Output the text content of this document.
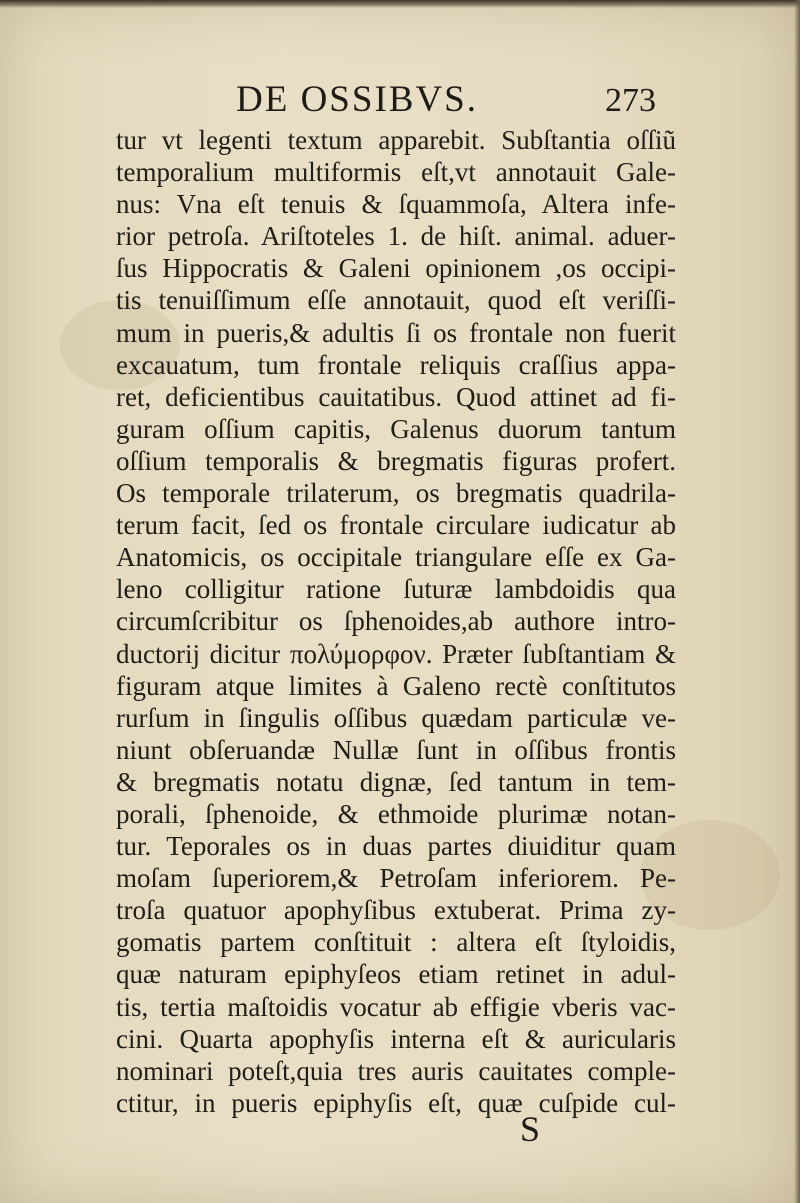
DE OSSIBVS.	273
tur vt legenti textum apparebit. Subſtantia oſſiũ
temporalium multiformis eſt,vt annotauit Gale-
nus: Vna eſt tenuis & ſquammoſa, Altera infe-
rior petroſa. Ariſtoteles 1. de hiſt. animal. aduer-
ſus Hippocratis & Galeni opinionem ,os occipi-
tis tenuiſſimum eſſe annotauit, quod eſt veriſſi-
mum in pueris,& adultis ſi os frontale non fuerit
excauatum, tum frontale reliquis craſſius appa-
ret, deficientibus cauitatibus. Quod attinet ad fi-
guram oſſium capitis, Galenus duorum tantum
oſſium temporalis & bregmatis figuras profert.
Os temporale trilaterum, os bregmatis quadrila-
terum facit, ſed os frontale circulare iudicatur ab
Anatomicis, os occipitale triangulare eſſe ex Ga-
leno colligitur ratione ſuturæ lambdoidis qua
circumſcribitur os ſphenoides,ab authore intro-
ductorij dicitur πολύμορφον. Præter ſubſtantiam &
figuram atque limites à Galeno rectè conſtitutos
rurſum in ſingulis oſſibus quædam particulæ ve-
niunt obſeruandæ Nullæ ſunt in oſſibus frontis
& bregmatis notatu dignæ, ſed tantum in tem-
porali, ſphenoide, & ethmoide plurimæ notan-
tur. Teporales os in duas partes diuiditur quam
moſam ſuperiorem,& Petroſam inferiorem. Pe-
troſa quatuor apophyſibus extuberat. Prima zy-
gomatis partem conſtituit : altera eſt ſtyloidis,
quæ naturam epiphyſeos etiam retinet in adul-
tis, tertia maſtoidis vocatur ab effigie vberis vac-
cini. Quarta apophyſis interna eſt & auricularis
nominari poteſt,quia tres auris cauitates comple-
ctitur, in pueris epiphyſis eſt, quæ cuſpide cul-
S
